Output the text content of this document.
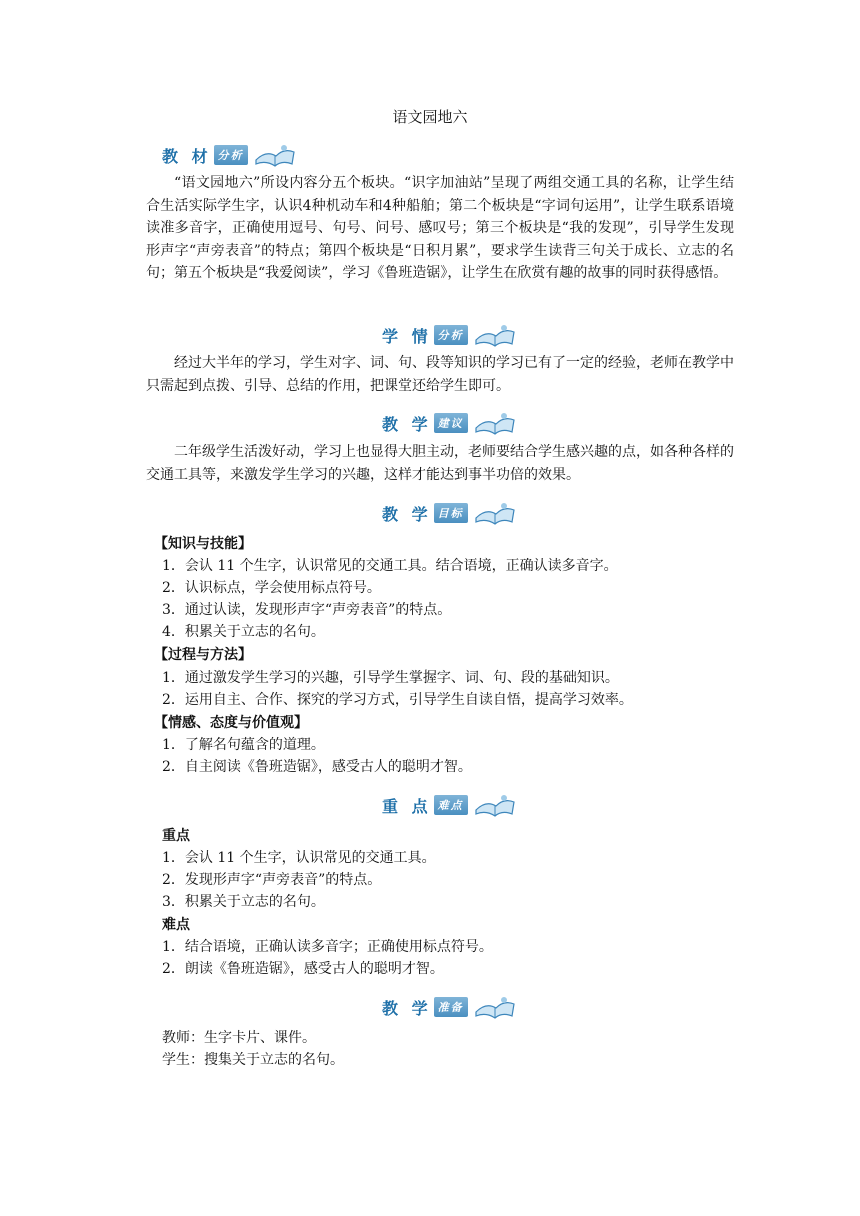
语文园地六
教 材 分析
“语文园地六”所设内容分五个板块。“识字加油站”呈现了两组交通工具的名称，让学生结合生活实际学生字，认识4种机动车和4种船舶；第二个板块是“字词句运用”，让学生联系语境读准多音字，正确使用逗号、句号、问号、感叹号；第三个板块是“我的发现”，引导学生发现形声字“声旁表音”的特点；第四个板块是“日积月累”，要求学生读背三句关于成长、立志的名句；第五个板块是“我爱阅读”，学习《鲁班造锯》，让学生在欣赏有趣的故事的同时获得感悟。
学 情 分析
经过大半年的学习，学生对字、词、句、段等知识的学习已有了一定的经验，老师在教学中只需起到点拨、引导、总结的作用，把课堂还给学生即可。
教 学 建议
二年级学生活泼好动，学习上也显得大胆主动，老师要结合学生感兴趣的点，如各种各样的交通工具等，来激发学生学习的兴趣，这样才能达到事半功倍的效果。
教 学 目标
【知识与技能】
1．会认 11 个生字，认识常见的交通工具。结合语境，正确认读多音字。
2．认识标点，学会使用标点符号。
3．通过认读，发现形声字“声旁表音”的特点。
4．积累关于立志的名句。
【过程与方法】
1．通过激发学生学习的兴趣，引导学生掌握字、词、句、段的基础知识。
2．运用自主、合作、探究的学习方式，引导学生自读自悟，提高学习效率。
【情感、态度与价值观】
1．了解名句蕴含的道理。
2．自主阅读《鲁班造锯》，感受古人的聪明才智。
重 点 难点
重点
1．会认 11 个生字，认识常见的交通工具。
2．发现形声字“声旁表音”的特点。
3．积累关于立志的名句。
难点
1．结合语境，正确认读多音字；正确使用标点符号。
2．朗读《鲁班造锯》，感受古人的聪明才智。
教 学 准备
教师：生字卡片、课件。
学生：搜集关于立志的名句。
